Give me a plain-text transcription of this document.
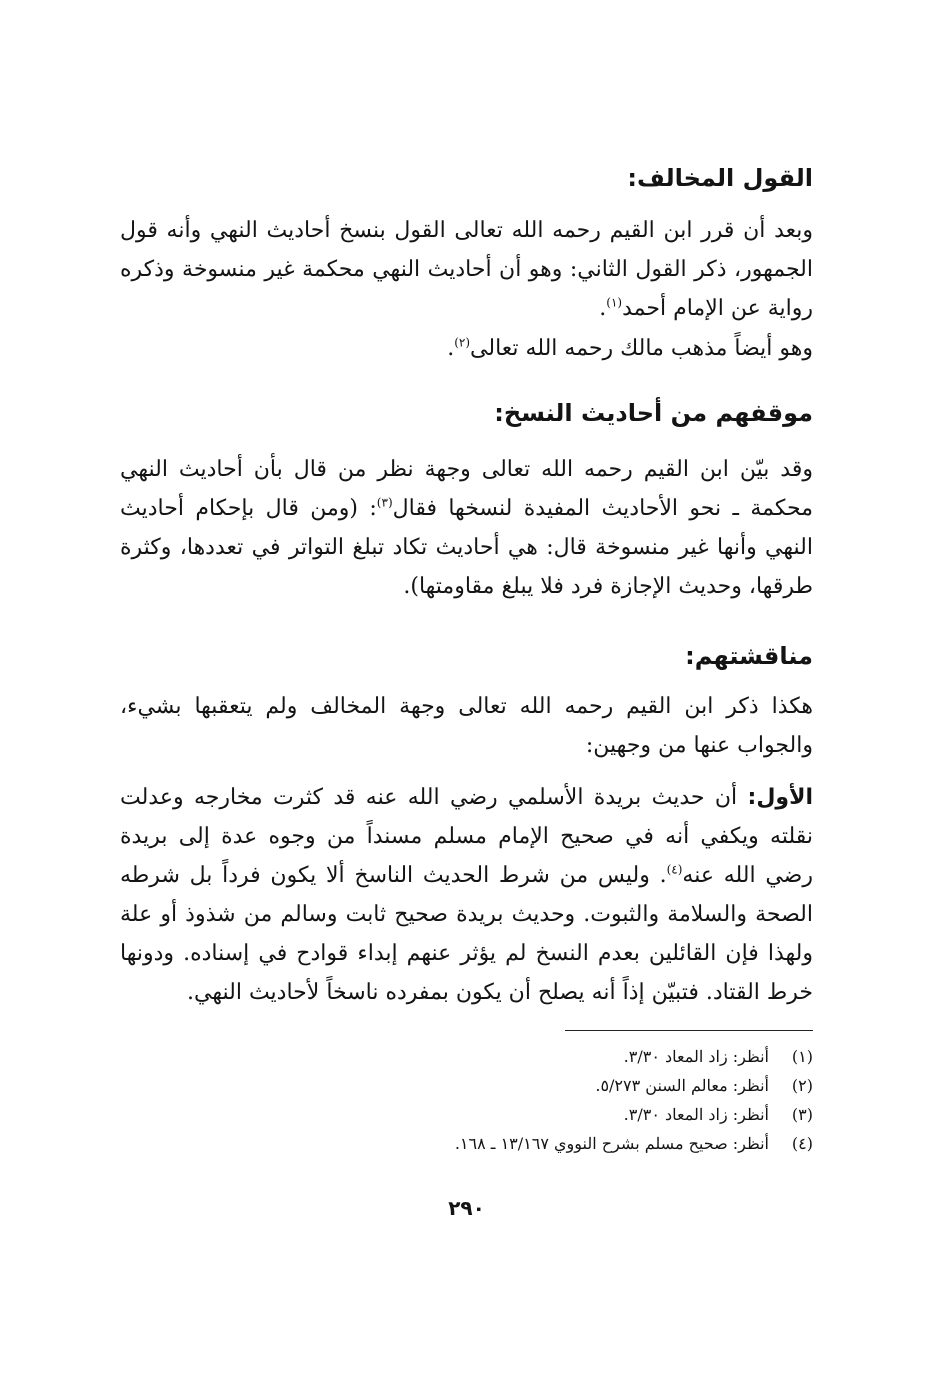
القول المخالف:

وبعد أن قرر ابن القيم رحمه الله تعالى القول بنسخ أحاديث النهي وأنه قول الجمهور، ذكر القول الثاني: وهو أن أحاديث النهي محكمة غير منسوخة وذكره رواية عن الإمام أحمد$^{(١)}$.

وهو أيضاً مذهب مالك رحمه الله تعالى$^{(٢)}$.

موقفهم من أحاديث النسخ:

وقد بيّن ابن القيم رحمه الله تعالى وجهة نظر من قال بأن أحاديث النهي محكمة ـ نحو الأحاديث المفيدة لنسخها فقال$^{(٣)}$: (ومن قال بإحكام أحاديث النهي وأنها غير منسوخة قال: هي أحاديث تكاد تبلغ التواتر في تعددها، وكثرة طرقها، وحديث الإجازة فرد فلا يبلغ مقاومتها).

مناقشتهم:

هكذا ذكر ابن القيم رحمه الله تعالى وجهة المخالف ولم يتعقبها بشيء، والجواب عنها من وجهين:

الأول: أن حديث بريدة الأسلمي رضي الله عنه قد كثرت مخارجه وعدلت نقلته ويكفي أنه في صحيح الإمام مسلم مسنداً من وجوه عدة إلى بريدة رضي الله عنه$^{(٤)}$. وليس من شرط الحديث الناسخ ألا يكون فرداً بل شرطه الصحة والسلامة والثبوت. وحديث بريدة صحيح ثابت وسالم من شذوذ أو علة ولهذا فإن القائلين بعدم النسخ لم يؤثر عنهم إبداء قوادح في إسناده. ودونها خرط القتاد. فتبيّن إذاً أنه يصلح أن يكون بمفرده ناسخاً لأحاديث النهي.

(١)أنظر: زاد المعاد ٣/٣٠.
(٢)أنظر: معالم السنن ٥/٢٧٣.
(٣)أنظر: زاد المعاد ٣/٣٠.
(٤)أنظر: صحيح مسلم بشرح النووي ١٣/١٦٧ ـ ١٦٨.
٢٩٠
